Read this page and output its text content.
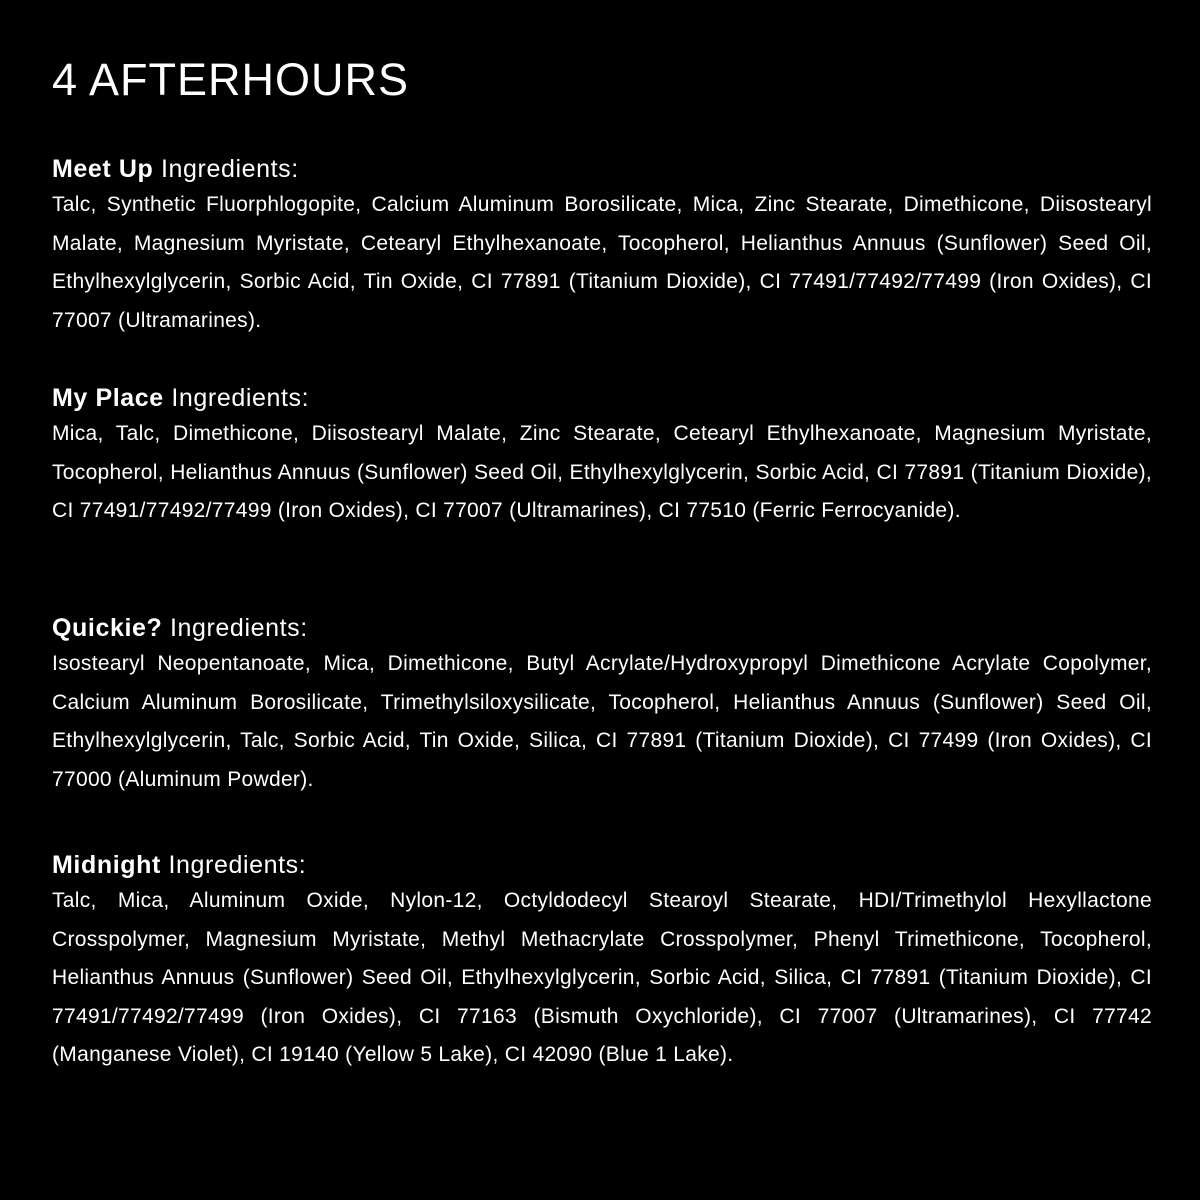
4 AFTERHOURS
Meet Up Ingredients:

Talc, Synthetic Fluorphlogopite, Calcium Aluminum Borosilicate, Mica, Zinc Stearate, Dimethicone, Diisostearyl Malate, Magnesium Myristate, Cetearyl Ethylhexanoate, Tocopherol, Helianthus Annuus (Sunflower) Seed Oil, Ethylhexylglycerin, Sorbic Acid, Tin Oxide, CI 77891 (Titanium Dioxide), CI 77491/77492/77499 (Iron Oxides), CI 77007 (Ultramarines).

My Place Ingredients:

Mica, Talc, Dimethicone, Diisostearyl Malate, Zinc Stearate, Cetearyl Ethylhexanoate, Magnesium Myristate, Tocopherol, Helianthus Annuus (Sunflower) Seed Oil, Ethylhexylglycerin, Sorbic Acid, CI 77891 (Titanium Dioxide), CI 77491/77492/77499 (Iron Oxides), CI 77007 (Ultramarines), CI 77510 (Ferric Ferrocyanide).

Quickie? Ingredients:

Isostearyl Neopentanoate, Mica, Dimethicone, Butyl Acrylate/Hydroxypropyl Dimethicone Acrylate Copolymer, Calcium Aluminum Borosilicate, Trimethylsiloxysilicate, Tocopherol, Helianthus Annuus (Sunflower) Seed Oil, Ethylhexylglycerin, Talc, Sorbic Acid, Tin Oxide, Silica, CI 77891 (Titanium Dioxide), CI 77499 (Iron Oxides), CI 77000 (Aluminum Powder).

Midnight Ingredients:

Talc, Mica, Aluminum Oxide, Nylon-12, Octyldodecyl Stearoyl Stearate, HDI/Trimethylol Hexyllactone Crosspolymer, Magnesium Myristate, Methyl Methacrylate Crosspolymer, Phenyl Trimethicone, Tocopherol, Helianthus Annuus (Sunflower) Seed Oil, Ethylhexylglycerin, Sorbic Acid, Silica, CI 77891 (Titanium Dioxide), CI 77491/77492/77499 (Iron Oxides), CI 77163 (Bismuth Oxychloride), CI 77007 (Ultramarines), CI 77742 (Manganese Violet), CI 19140 (Yellow 5 Lake), CI 42090 (Blue 1 Lake).
